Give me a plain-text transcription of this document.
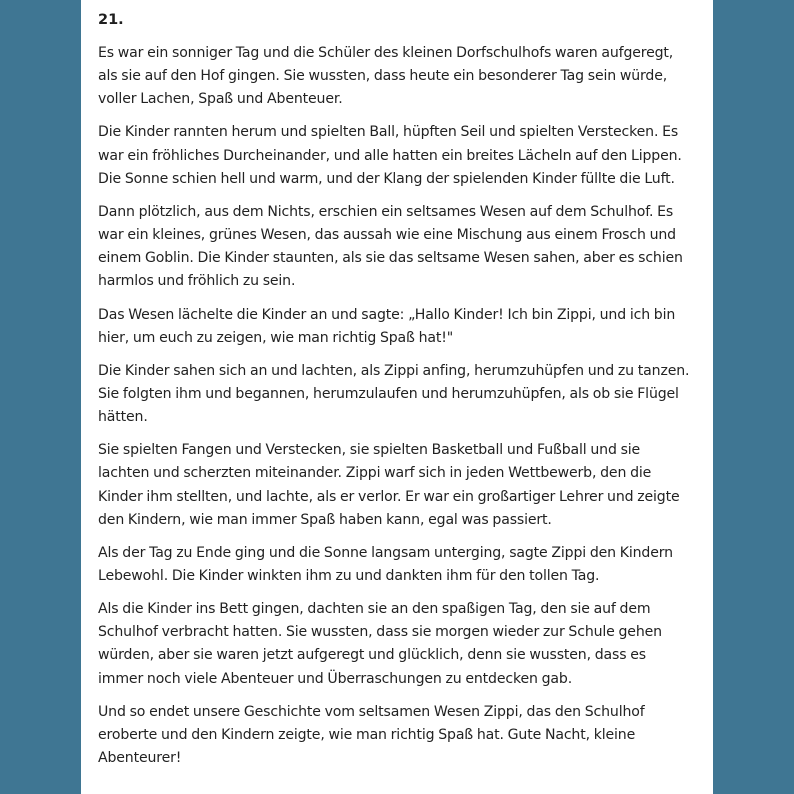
21.

Es war ein sonniger Tag und die Schüler des kleinen Dorfschulhofs waren aufgeregt, als sie auf den Hof gingen. Sie wussten, dass heute ein besonderer Tag sein würde, voller Lachen, Spaß und Abenteuer.

Die Kinder rannten herum und spielten Ball, hüpften Seil und spielten Verstecken. Es war ein fröhliches Durcheinander, und alle hatten ein breites Lächeln auf den Lippen. Die Sonne schien hell und warm, und der Klang der spielenden Kinder füllte die Luft.

Dann plötzlich, aus dem Nichts, erschien ein seltsames Wesen auf dem Schulhof. Es war ein kleines, grünes Wesen, das aussah wie eine Mischung aus einem Frosch und einem Goblin. Die Kinder staunten, als sie das seltsame Wesen sahen, aber es schien harmlos und fröhlich zu sein.

Das Wesen lächelte die Kinder an und sagte: „Hallo Kinder! Ich bin Zippi, und ich bin hier, um euch zu zeigen, wie man richtig Spaß hat!"

Die Kinder sahen sich an und lachten, als Zippi anfing, herumzuhüpfen und zu tanzen. Sie folgten ihm und begannen, herumzulaufen und herumzuhüpfen, als ob sie Flügel hätten.

Sie spielten Fangen und Verstecken, sie spielten Basketball und Fußball und sie lachten und scherzten miteinander. Zippi warf sich in jeden Wettbewerb, den die Kinder ihm stellten, und lachte, als er verlor. Er war ein großartiger Lehrer und zeigte den Kindern, wie man immer Spaß haben kann, egal was passiert.

Als der Tag zu Ende ging und die Sonne langsam unterging, sagte Zippi den Kindern Lebewohl. Die Kinder winkten ihm zu und dankten ihm für den tollen Tag.

Als die Kinder ins Bett gingen, dachten sie an den spaßigen Tag, den sie auf dem Schulhof verbracht hatten. Sie wussten, dass sie morgen wieder zur Schule gehen würden, aber sie waren jetzt aufgeregt und glücklich, denn sie wussten, dass es immer noch viele Abenteuer und Überraschungen zu entdecken gab.

Und so endet unsere Geschichte vom seltsamen Wesen Zippi, das den Schulhof eroberte und den Kindern zeigte, wie man richtig Spaß hat. Gute Nacht, kleine Abenteurer!
